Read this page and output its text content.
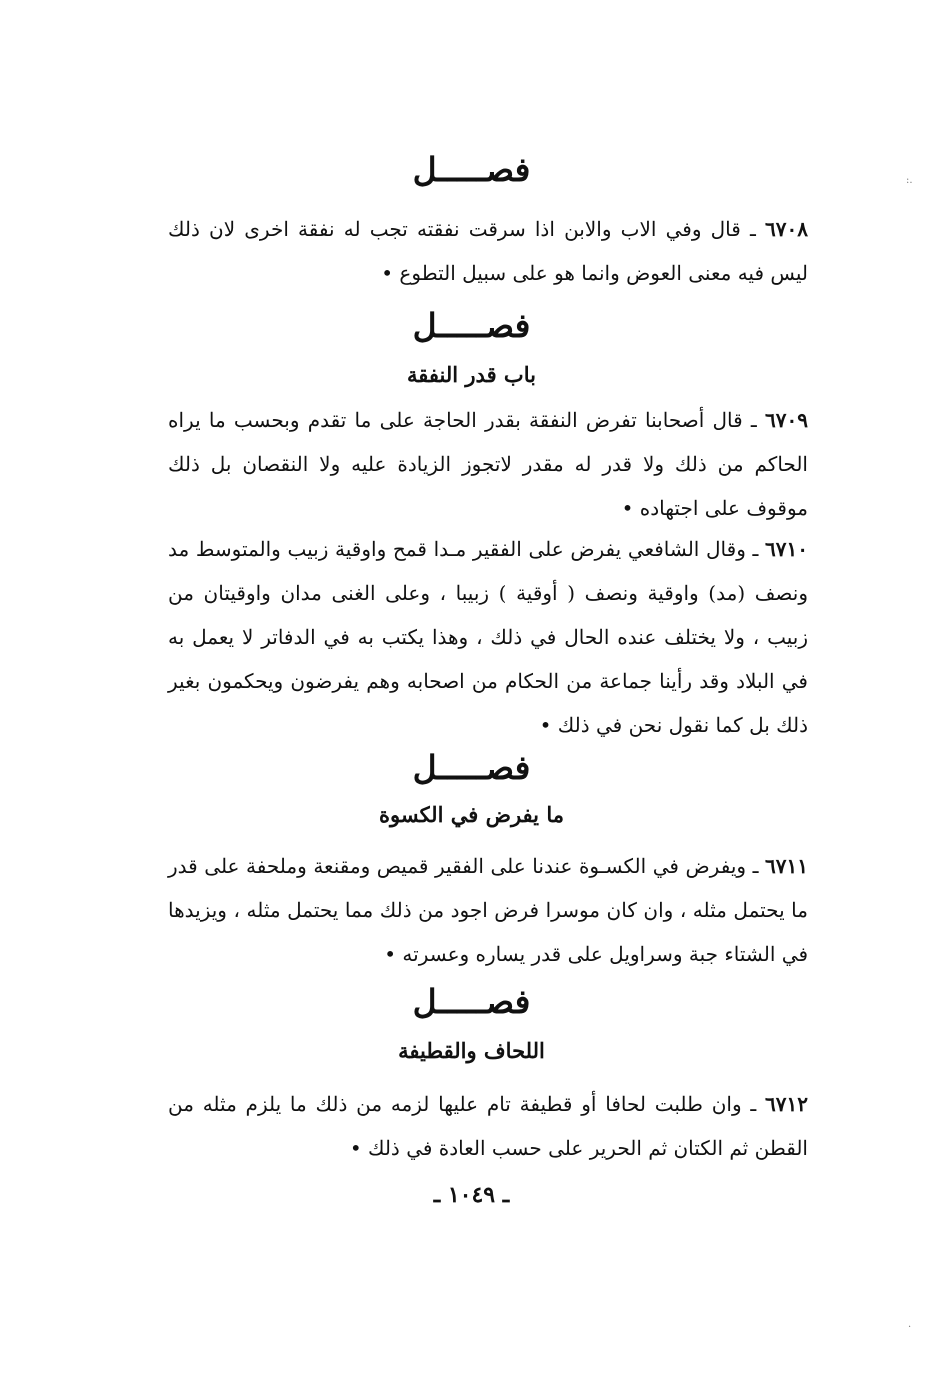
.:
.
فصـــــل

٦٧٠٨ ـ قال وفي الاب والابن اذا سرقت نفقته تجب له نفقة اخرى لان ذلك ليس فيه معنى العوض وانما هو على سبيل التطوع •

فصـــــل
باب قدر النفقة

٦٧٠٩ ـ قال أصحابنا تفرض النفقة بقدر الحاجة على ما تقدم وبحسب ما يراه الحاكم من ذلك ولا قدر له مقدر لاتجوز الزيادة عليه ولا النقصان بل ذلك موقوف على اجتهاده •

٦٧١٠ ـ وقال الشافعي يفرض على الفقير مـدا قمح واوقية زبيب والمتوسط مد ونصف (مد) واوقية ونصف ( أوقية ) زبيبا ، وعلى الغنى مدان واوقيتان من زبيب ، ولا يختلف عنده الحال في ذلك ، وهذا يكتب به في الدفاتر لا يعمل به في البلاد وقد رأينا جماعة من الحكام من اصحابه وهم يفرضون ويحكمون بغير ذلك بل كما نقول نحن في ذلك •

فصـــــل
ما يفرض في الكسوة

٦٧١١ ـ ويفرض في الكسـوة عندنا على الفقير قميص ومقنعة وملحفة على قدر ما يحتمل مثله ، وان كان موسرا فرض اجود من ذلك مما يحتمل مثله ، ويزيدها في الشتاء جبة وسراويل على قدر يساره وعسرته •

فصـــــل
اللحاف والقطيفة

٦٧١٢ ـ وان طلبت لحافا أو قطيفة تام عليها لزمه من ذلك ما يلزم مثله من القطن ثم الكتان ثم الحرير على حسب العادة في ذلك •

ـ ١٠٤٩ ـ
